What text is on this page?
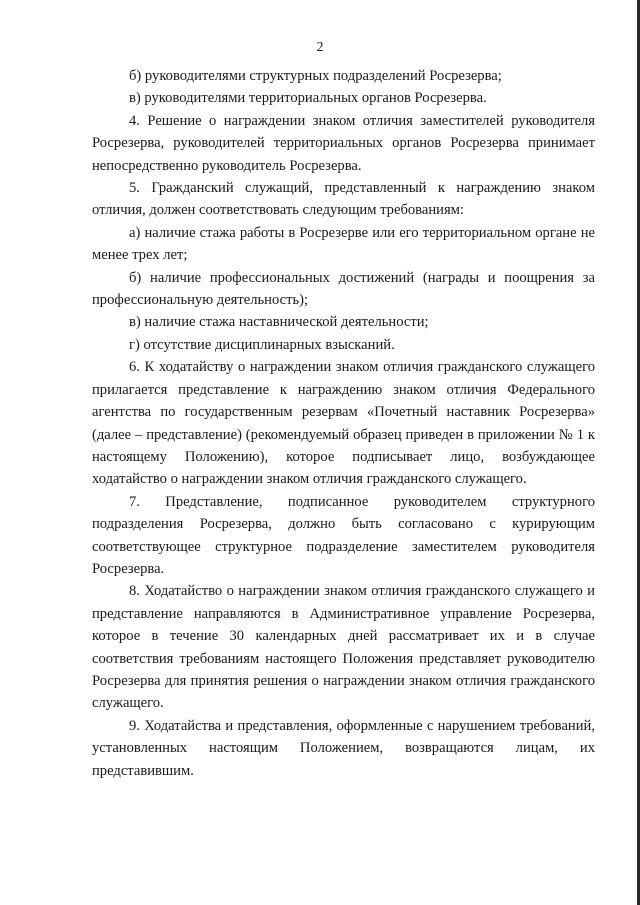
2

б) руководителями структурных подразделений Росрезерва;

в) руководителями территориальных органов Росрезерва.

4. Решение о награждении знаком отличия заместителей руководителя Росрезерва, руководителей территориальных органов Росрезерва принимает непосредственно руководитель Росрезерва.

5. Гражданский служащий, представленный к награждению знаком отличия, должен соответствовать следующим требованиям:

а) наличие стажа работы в Росрезерве или его территориальном органе не менее трех лет;

б) наличие профессиональных достижений (награды и поощрения за профессиональную деятельность);

в) наличие стажа наставнической деятельности;

г) отсутствие дисциплинарных взысканий.

6. К ходатайству о награждении знаком отличия гражданского служащего прилагается представление к награждению знаком отличия Федерального агентства по государственным резервам «Почетный наставник Росрезерва» (далее – представление) (рекомендуемый образец приведен в приложении № 1 к настоящему Положению), которое подписывает лицо, возбуждающее ходатайство о награждении знаком отличия гражданского служащего.

7. Представление, подписанное руководителем структурного подразделения Росрезерва, должно быть согласовано с курирующим соответствующее структурное подразделение заместителем руководителя Росрезерва.

8. Ходатайство о награждении знаком отличия гражданского служащего и представление направляются в Административное управление Росрезерва, которое в течение 30 календарных дней рассматривает их и в случае соответствия требованиям настоящего Положения представляет руководителю Росрезерва для принятия решения о награждении знаком отличия гражданского служащего.

9. Ходатайства и представления, оформленные с нарушением требований, установленных настоящим Положением, возвращаются лицам, их представившим.
